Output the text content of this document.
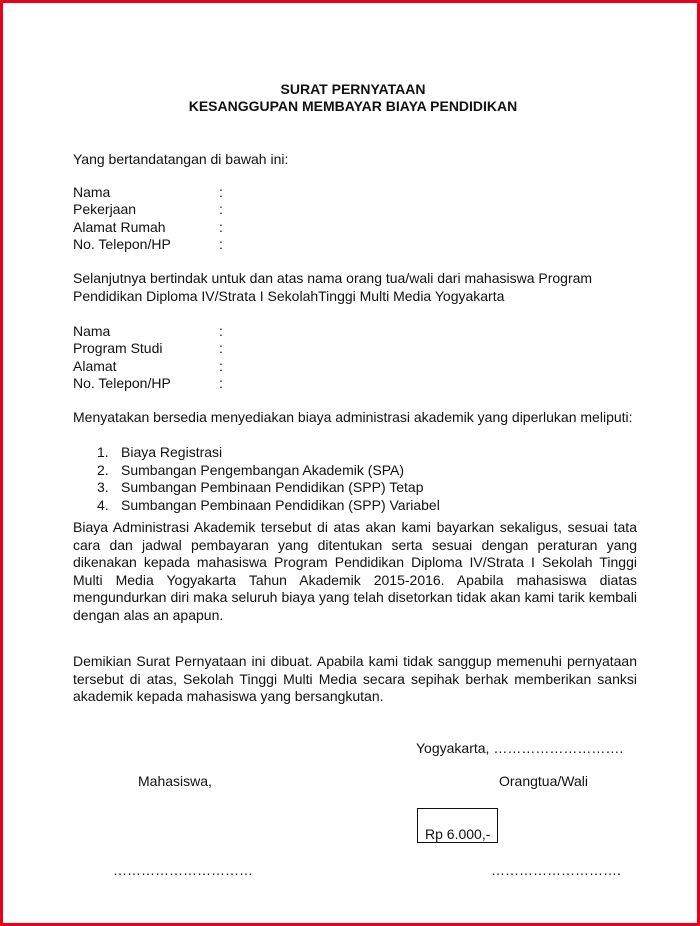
SURAT PERNYATAAN
KESANGGUPAN MEMBAYAR BIAYA PENDIDIKAN
Yang bertandatangan di bawah ini:
Nama	:
Pekerjaan	:
Alamat Rumah	:
No. Telepon/HP	:
Selanjutnya bertindak untuk dan atas nama orang tua/wali dari mahasiswa Program
Pendidikan Diploma IV/Strata I SekolahTinggi Multi Media Yogyakarta
Nama	:
Program Studi	:
Alamat	:
No. Telepon/HP	:
Menyatakan bersedia menyediakan biaya administrasi akademik yang diperlukan meliputi:
1. Biaya Registrasi
2. Sumbangan Pengembangan Akademik (SPA)
3. Sumbangan Pembinaan Pendidikan (SPP) Tetap
4. Sumbangan Pembinaan Pendidikan (SPP) Variabel
Biaya Administrasi Akademik tersebut di atas akan kami bayarkan sekaligus, sesuai tata cara dan jadwal pembayaran yang ditentukan serta sesuai dengan peraturan yang dikenakan kepada mahasiswa Program Pendidikan Diploma IV/Strata I Sekolah Tinggi Multi Media Yogyakarta Tahun Akademik 2015-2016. Apabila mahasiswa diatas mengundurkan diri maka seluruh biaya yang telah disetorkan tidak akan kami tarik kembali dengan alas an apapun.
Demikian Surat Pernyataan ini dibuat. Apabila kami tidak sanggup memenuhi pernyataan tersebut di atas, Sekolah Tinggi Multi Media secara sepihak berhak memberikan sanksi akademik kepada mahasiswa yang bersangkutan.
Yogyakarta, ……………………….
Mahasiswa,	Orangtua/Wali
Rp 6.000,-
…………………………	……………………….
